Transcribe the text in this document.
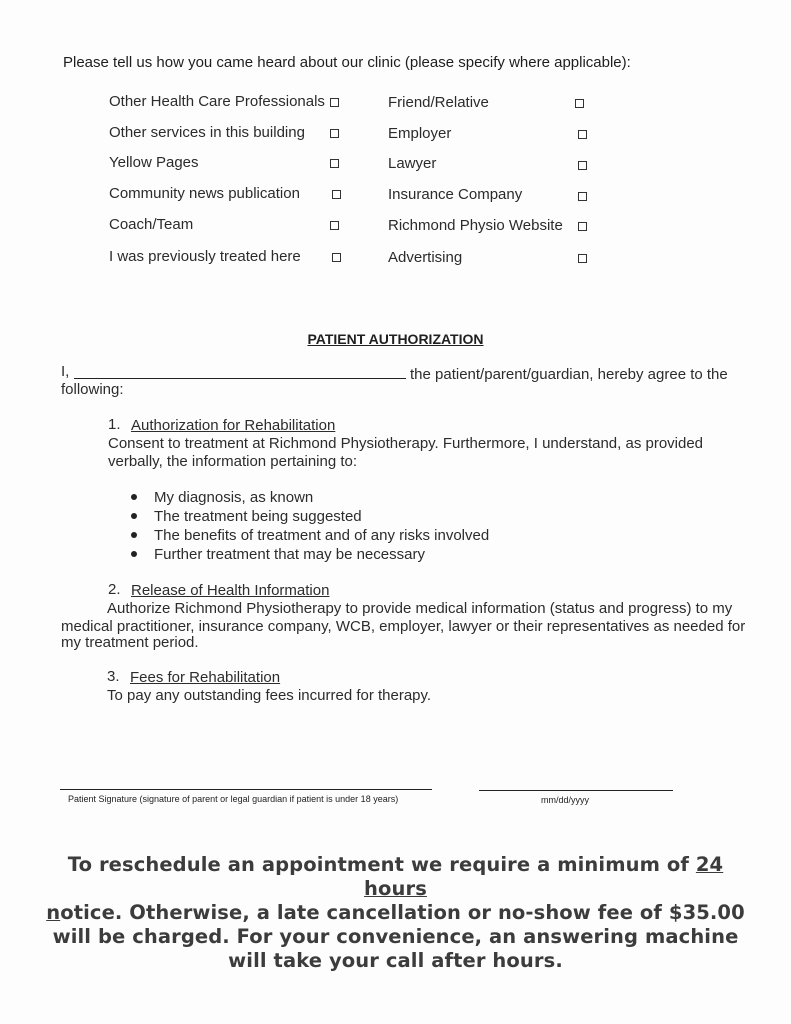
Please tell us how you came heard about our clinic (please specify where applicable):
Other Health Care Professionals
Other services in this building
Yellow Pages
Community news publication
Coach/Team
I was previously treated here
Friend/Relative
Employer
Lawyer
Insurance Company
Richmond Physio Website
Advertising
PATIENT AUTHORIZATION
I,	the patient/parent/guardian, hereby agree to the
following:
1. Authorization for Rehabilitation
Consent to treatment at Richmond Physiotherapy. Furthermore, I understand, as provided
verbally, the information pertaining to:
My diagnosis, as known
The treatment being suggested
The benefits of treatment and of any risks involved
Further treatment that may be necessary
2. Release of Health Information
Authorize Richmond Physiotherapy to provide medical information (status and progress) to my
medical practitioner, insurance company, WCB, employer, lawyer or their representatives as needed for
my treatment period.
3. Fees for Rehabilitation
To pay any outstanding fees incurred for therapy.
Patient Signature (signature of parent or legal guardian if patient is under 18 years)	mm/dd/yyyy
To reschedule an appointment we require a minimum of 24 hours
notice. Otherwise, a late cancellation or no-show fee of $35.00 will be charged. For your convenience, an answering machine will take your call after hours.
